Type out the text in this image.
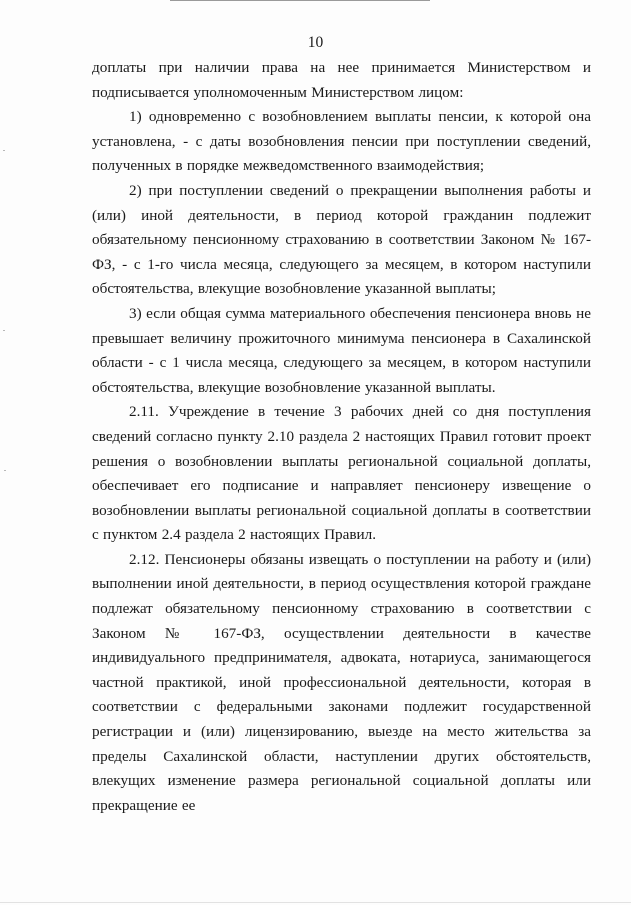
10

доплаты при наличии права на нее принимается Министерством и подписывается уполномоченным Министерством лицом:

1) одновременно с возобновлением выплаты пенсии, к которой она установлена, - с даты возобновления пенсии при поступлении сведений, полученных в порядке межведомственного взаимодействия;

2) при поступлении сведений о прекращении выполнения работы и (или) иной деятельности, в период которой гражданин подлежит обязательному пенсионному страхованию в соответствии Законом № 167-ФЗ, - с 1-го числа месяца, следующего за месяцем, в котором наступили обстоятельства, влекущие возобновление указанной выплаты;

3) если общая сумма материального обеспечения пенсионера вновь не превышает величину прожиточного минимума пенсионера в Сахалинской области - с 1 числа месяца, следующего за месяцем, в котором наступили обстоятельства, влекущие возобновление указанной выплаты.

2.11. Учреждение в течение 3 рабочих дней со дня поступления сведений согласно пункту 2.10 раздела 2 настоящих Правил готовит проект решения о возобновлении выплаты региональной социальной доплаты, обеспечивает его подписание и направляет пенсионеру извещение о возобновлении выплаты региональной социальной доплаты в соответствии с пунктом 2.4 раздела 2 настоящих Правил.

2.12. Пенсионеры обязаны извещать о поступлении на работу и (или) выполнении иной деятельности, в период осуществления которой граждане подлежат обязательному пенсионному страхованию в соответствии с Законом № 167-ФЗ, осуществлении деятельности в качестве индивидуального предпринимателя, адвоката, нотариуса, занимающегося частной практикой, иной профессиональной деятельности, которая в соответствии с федеральными законами подлежит государственной регистрации и (или) лицензированию, выезде на место жительства за пределы Сахалинской области, наступлении других обстоятельств, влекущих изменение размера региональной социальной доплаты или прекращение ее
